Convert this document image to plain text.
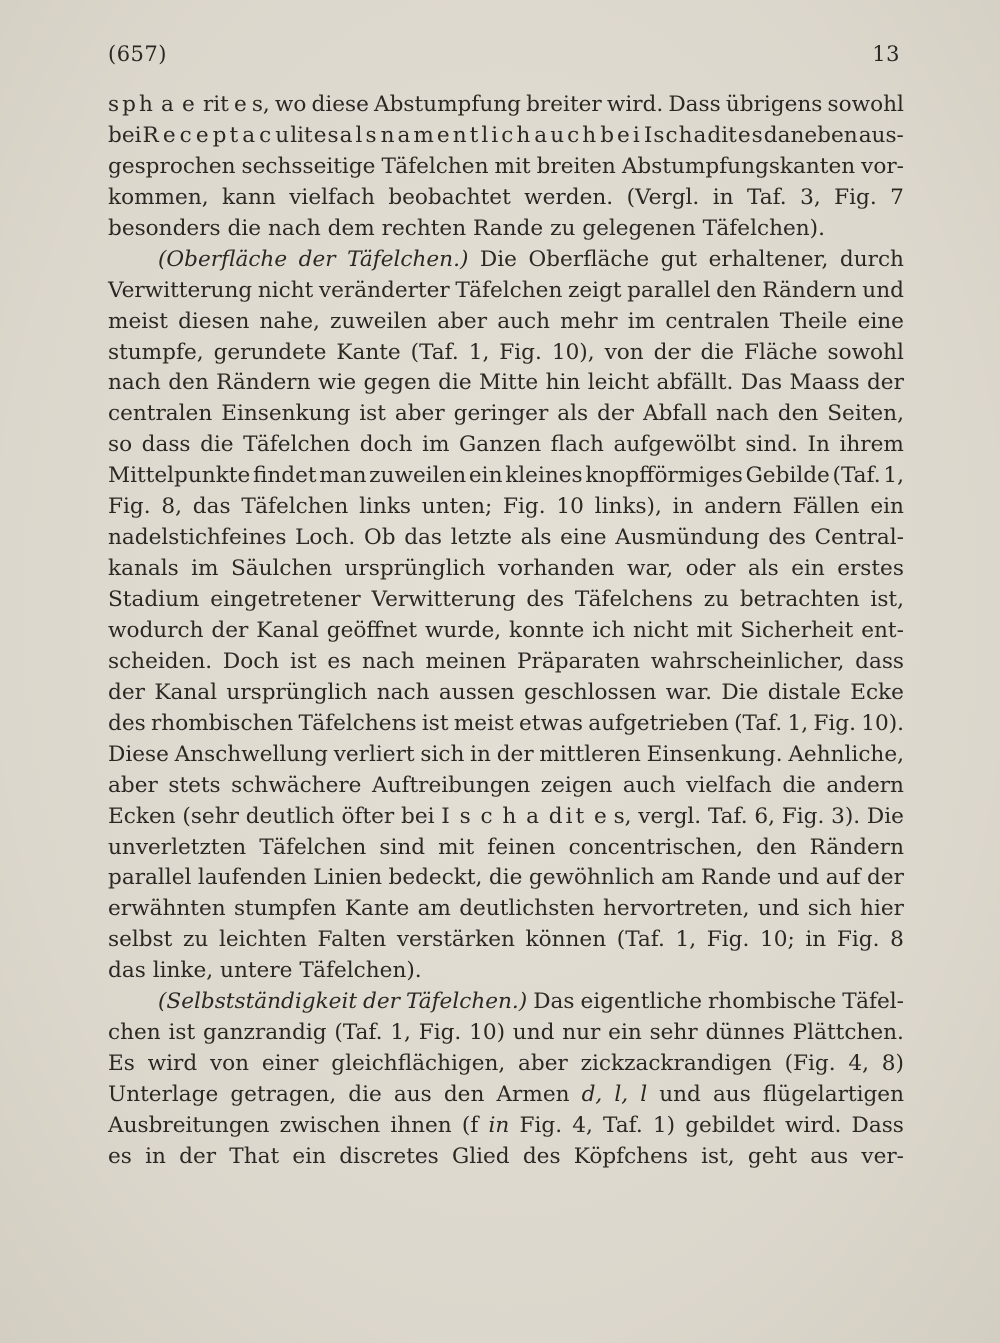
(657)	13
sph a e rit e s, wo diese Abstumpfung breiter wird. Dass übrigens sowohl
bei R e c e pt a c u lit e s als namentlich auch bei I s c h a dit e s daneben aus-
gesprochen sechsseitige Täfelchen mit breiten Abstumpfungskanten vor-
kommen, kann vielfach beobachtet werden. (Vergl. in Taf. 3, Fig. 7
besonders die nach dem rechten Rande zu gelegenen Täfelchen).
(Oberfläche der Täfelchen.) Die Oberfläche gut erhaltener, durch
Verwitterung nicht veränderter Täfelchen zeigt parallel den Rändern und
meist diesen nahe, zuweilen aber auch mehr im centralen Theile eine
stumpfe, gerundete Kante (Taf. 1, Fig. 10), von der die Fläche sowohl
nach den Rändern wie gegen die Mitte hin leicht abfällt. Das Maass der
centralen Einsenkung ist aber geringer als der Abfall nach den Seiten,
so dass die Täfelchen doch im Ganzen flach aufgewölbt sind. In ihrem
Mittelpunkte findet man zuweilen ein kleines knopfförmiges Gebilde (Taf. 1,
Fig. 8, das Täfelchen links unten; Fig. 10 links), in andern Fällen ein
nadelstichfeines Loch. Ob das letzte als eine Ausmündung des Central-
kanals im Säulchen ursprünglich vorhanden war, oder als ein erstes
Stadium eingetretener Verwitterung des Täfelchens zu betrachten ist,
wodurch der Kanal geöffnet wurde, konnte ich nicht mit Sicherheit ent-
scheiden. Doch ist es nach meinen Präparaten wahrscheinlicher, dass
der Kanal ursprünglich nach aussen geschlossen war. Die distale Ecke
des rhombischen Täfelchens ist meist etwas aufgetrieben (Taf. 1, Fig. 10).
Diese Anschwellung verliert sich in der mittleren Einsenkung. Aehnliche,
aber stets schwächere Auftreibungen zeigen auch vielfach die andern
Ecken (sehr deutlich öfter bei I s c h a dit e s, vergl. Taf. 6, Fig. 3). Die
unverletzten Täfelchen sind mit feinen concentrischen, den Rändern
parallel laufenden Linien bedeckt, die gewöhnlich am Rande und auf der
erwähnten stumpfen Kante am deutlichsten hervortreten, und sich hier
selbst zu leichten Falten verstärken können (Taf. 1, Fig. 10; in Fig. 8
das linke, untere Täfelchen).
(Selbstständigkeit der Täfelchen.) Das eigentliche rhombische Täfel-
chen ist ganzrandig (Taf. 1, Fig. 10) und nur ein sehr dünnes Plättchen.
Es wird von einer gleichflächigen, aber zickzackrandigen (Fig. 4, 8)
Unterlage getragen, die aus den Armen d, l, l und aus flügelartigen
Ausbreitungen zwischen ihnen (f in Fig. 4, Taf. 1) gebildet wird. Dass
es in der That ein discretes Glied des Köpfchens ist, geht aus ver-
